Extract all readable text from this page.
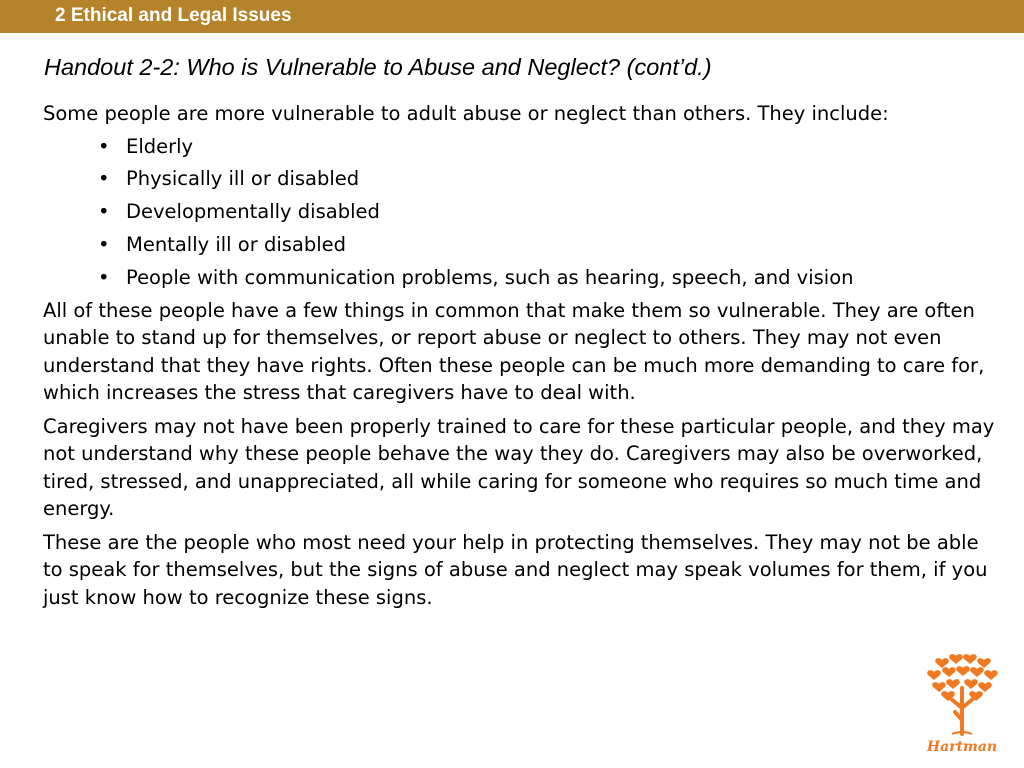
2 Ethical and Legal Issues
Handout 2-2: Who is Vulnerable to Abuse and Neglect? (cont’d.)

Some people are more vulnerable to adult abuse or neglect than others. They include:

• Elderly
• Physically ill or disabled
• Developmentally disabled
• Mentally ill or disabled
• People with communication problems, such as hearing, speech, and vision

All of these people have a few things in common that make them so vulnerable. They are often unable to stand up for themselves, or report abuse or neglect to others. They may not even understand that they have rights. Often these people can be much more demanding to care for, which increases the stress that caregivers have to deal with.

Caregivers may not have been properly trained to care for these particular people, and they may not understand why these people behave the way they do. Caregivers may also be overworked, tired, stressed, and unappreciated, all while caring for someone who requires so much time and energy.

These are the people who most need your help in protecting themselves. They may not be able to speak for themselves, but the signs of abuse and neglect may speak volumes for them, if you just know how to recognize these signs.

Hartman
